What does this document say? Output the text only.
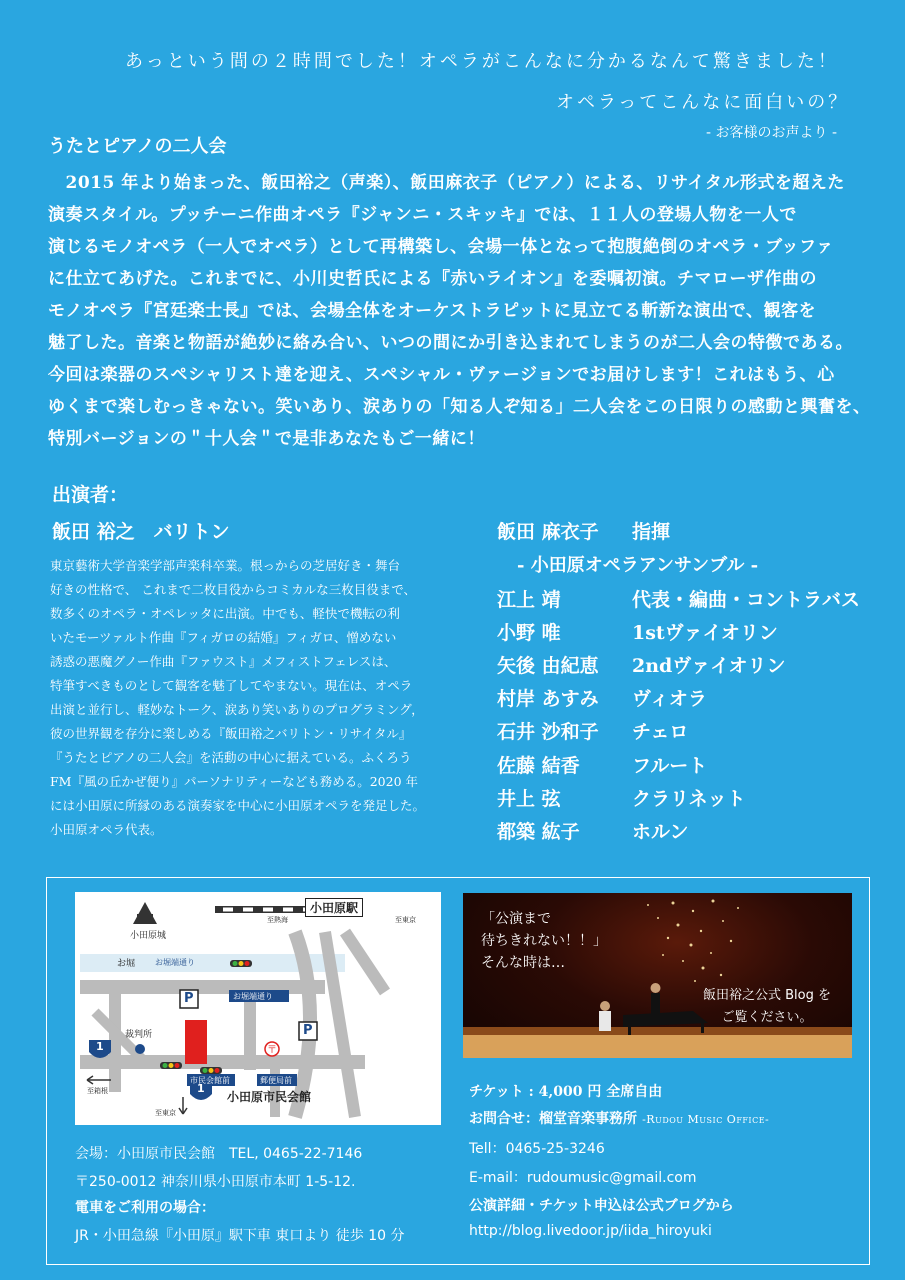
あっという間の２時間でした！オペラがこんなに分かるなんて驚きました！
オペラってこんなに面白いの？
- お客様のお声より -
うたとピアノの二人会
　2015 年より始まった、飯田裕之（声楽）、飯田麻衣子（ピアノ）による、リサイタル形式を超えた
演奏スタイル。プッチーニ作曲オペラ『ジャンニ・スキッキ』では、１１人の登場人物を一人で
演じるモノオペラ（一人でオペラ）として再構築し、会場一体となって抱腹絶倒のオペラ・ブッファ
に仕立てあげた。これまでに、小川史哲氏による『赤いライオン』を委嘱初演。チマローザ作曲の
モノオペラ『宮廷楽士長』では、会場全体をオーケストラピットに見立てる斬新な演出で、観客を
魅了した。音楽と物語が絶妙に絡み合い、いつの間にか引き込まれてしまうのが二人会の特徴である。
今回は楽器のスペシャリスト達を迎え、スペシャル・ヴァージョンでお届けします！これはもう、心
ゆくまで楽しむっきゃない。笑いあり、涙ありの「知る人ぞ知る」二人会をこの日限りの感動と興奮を、
特別バージョンの＂十人会＂で是非あなたもご一緒に！
出演者：
飯田 裕之　バリトン
東京藝術大学音楽学部声楽科卒業。根っからの芝居好き・舞台
好きの性格で、 これまで二枚目役からコミカルな三枚目役まで、
数多くのオペラ・オペレッタに出演。中でも、軽快で機転の利
いたモーツァルト作曲『フィガロの結婚』フィガロ、憎めない
誘惑の悪魔グノー作曲『ファウスト』メフィストフェレスは、
特筆すべきものとして観客を魅了してやまない。現在は、オペラ
出演と並行し、軽妙なトーク、涙あり笑いありのプログラミング，
彼の世界観を存分に楽しめる『飯田裕之バリトン・リサイタル』
『うたとピアノの二人会』を活動の中心に据えている。ふくろう
FM『風の丘かぜ便り』パーソナリティーなども務める。2020 年
には小田原に所縁のある演奏家を中心に小田原オペラを発足した。
小田原オペラ代表。
飯田 麻衣子 指揮
- 小田原オペラアンサンブル -
江上 靖	代表・編曲・コントラバス
小野 唯	1stヴァイオリン
矢後 由紀恵 2ndヴァイオリン
村岸 あすみ ヴィオラ
石井 沙和子 チェロ
佐藤 結香	フルート
井上 弦	クラリネット
都築 紘子	ホルン
〒
小田原城
小田原駅
至熱海	至東京
お堀 お堀端通り
お堀端通り
裁判所
市民会館前	郵便局前
小田原市民会館
至箱根
至東京
1
1
P
P
「公演まで
待ちきれない！！」
そんな時は…
飯田裕之公式 Blog を
ご覧ください。
会場：小田原市民会館　TEL, 0465-22-7146
〒250-0012 神奈川県小田原市本町 1-5-12.
電車をご利用の場合：
JR・小田急線『小田原』駅下車 東口より 徒歩 10 分
チケット : 4,000 円 全席自由
お問合せ：榴堂音楽事務所 -Rudou Music Office-
Tell：0465-25-3246
E-mail：rudoumusic@gmail.com
公演詳細・チケット申込は公式ブログから
http://blog.livedoor.jp/iida_hiroyuki
